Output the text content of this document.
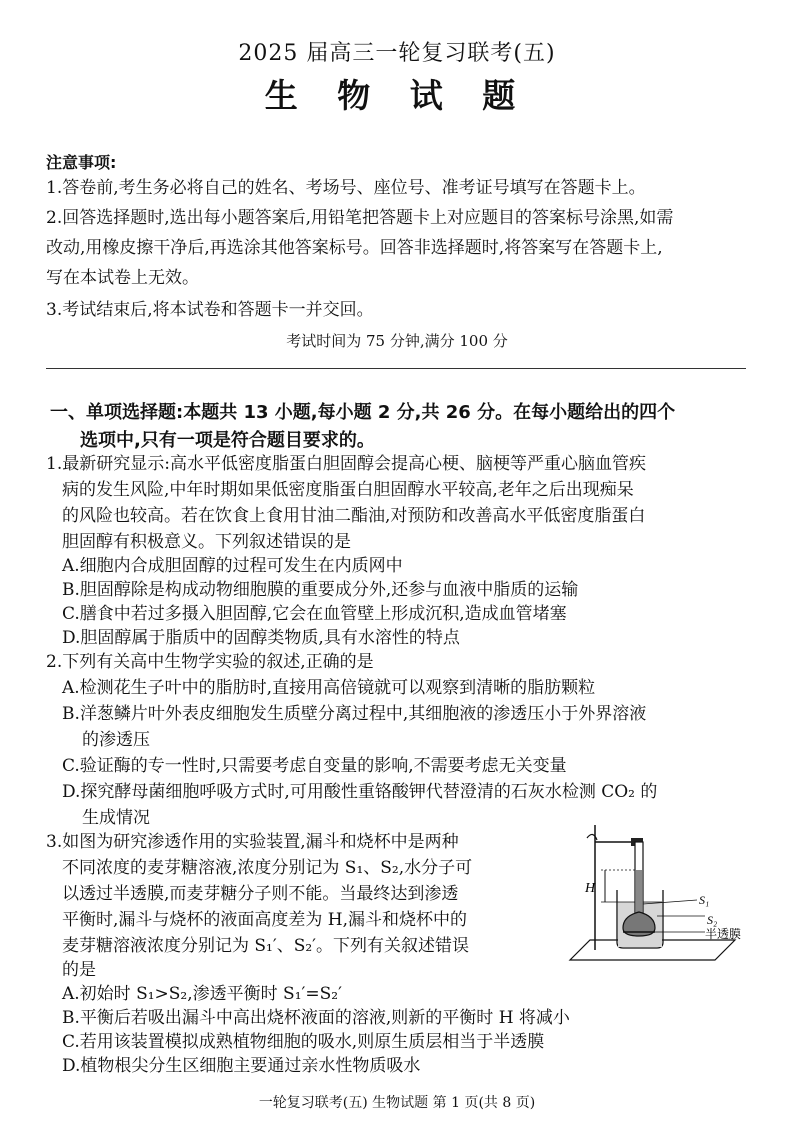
2025 届高三一轮复习联考(五)
生 物 试 题
注意事项:
1.答卷前,考生务必将自己的姓名、考场号、座位号、准考证号填写在答题卡上。
2.回答选择题时,选出每小题答案后,用铅笔把答题卡上对应题目的答案标号涂黑,如需
改动,用橡皮擦干净后,再选涂其他答案标号。回答非选择题时,将答案写在答题卡上,
写在本试卷上无效。
3.考试结束后,将本试卷和答题卡一并交回。
考试时间为 75 分钟,满分 100 分
一、单项选择题:本题共 13 小题,每小题 2 分,共 26 分。在每小题给出的四个
选项中,只有一项是符合题目要求的。
1.最新研究显示:高水平低密度脂蛋白胆固醇会提高心梗、脑梗等严重心脑血管疾
病的发生风险,中年时期如果低密度脂蛋白胆固醇水平较高,老年之后出现痴呆
的风险也较高。若在饮食上食用甘油二酯油,对预防和改善高水平低密度脂蛋白
胆固醇有积极意义。下列叙述错误的是
A.细胞内合成胆固醇的过程可发生在内质网中
B.胆固醇除是构成动物细胞膜的重要成分外,还参与血液中脂质的运输
C.膳食中若过多摄入胆固醇,它会在血管壁上形成沉积,造成血管堵塞
D.胆固醇属于脂质中的固醇类物质,具有水溶性的特点
2.下列有关高中生物学实验的叙述,正确的是
A.检测花生子叶中的脂肪时,直接用高倍镜就可以观察到清晰的脂肪颗粒
B.洋葱鳞片叶外表皮细胞发生质壁分离过程中,其细胞液的渗透压小于外界溶液
的渗透压
C.验证酶的专一性时,只需要考虑自变量的影响,不需要考虑无关变量
D.探究酵母菌细胞呼吸方式时,可用酸性重铬酸钾代替澄清的石灰水检测 CO₂ 的
生成情况
3.如图为研究渗透作用的实验装置,漏斗和烧杯中是两种
不同浓度的麦芽糖溶液,浓度分别记为 S₁、S₂,水分子可
以透过半透膜,而麦芽糖分子则不能。当最终达到渗透
平衡时,漏斗与烧杯的液面高度差为 H,漏斗和烧杯中的
麦芽糖溶液浓度分别记为 S₁′、S₂′。下列有关叙述错误
的是
A.初始时 S₁>S₂,渗透平衡时 S₁′=S₂′
B.平衡后若吸出漏斗中高出烧杯液面的溶液,则新的平衡时 H 将减小
C.若用该装置模拟成熟植物细胞的吸水,则原生质层相当于半透膜
D.植物根尖分生区细胞主要通过亲水性物质吸水
H
S₁
S₂
半透膜
一轮复习联考(五) 生物试题 第 1 页(共 8 页)
